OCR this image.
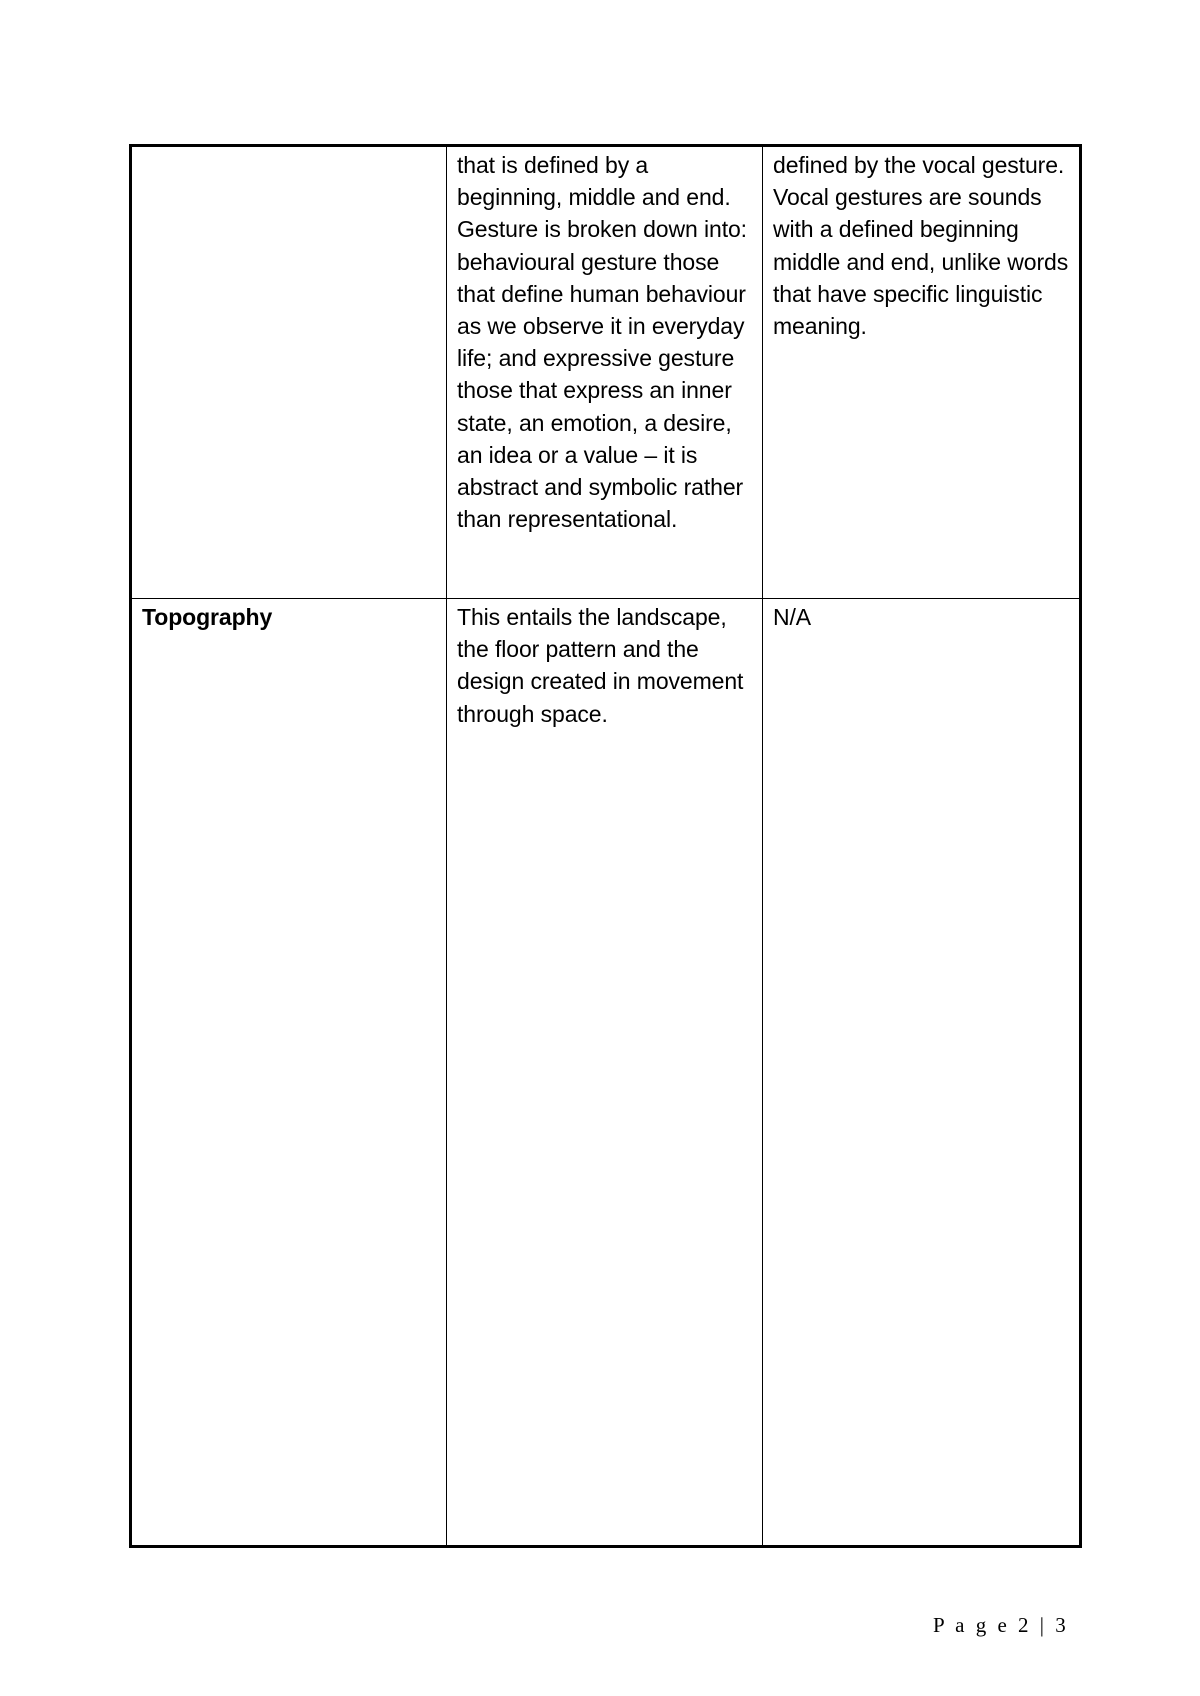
	that is defined by a beginning, middle and end. Gesture is broken down into: behavioural gesture those that define human behaviour as we observe it in everyday life; and expressive gesture those that express an inner state, an emotion, a desire, an idea or a value – it is abstract and symbolic rather than representational.	defined by the vocal gesture. Vocal gestures are sounds with a defined beginning middle and end, unlike words that have specific linguistic meaning.
Topography	This entails the landscape, the floor pattern and the design created in movement through space.	N/A
P a g e 2 | 3
